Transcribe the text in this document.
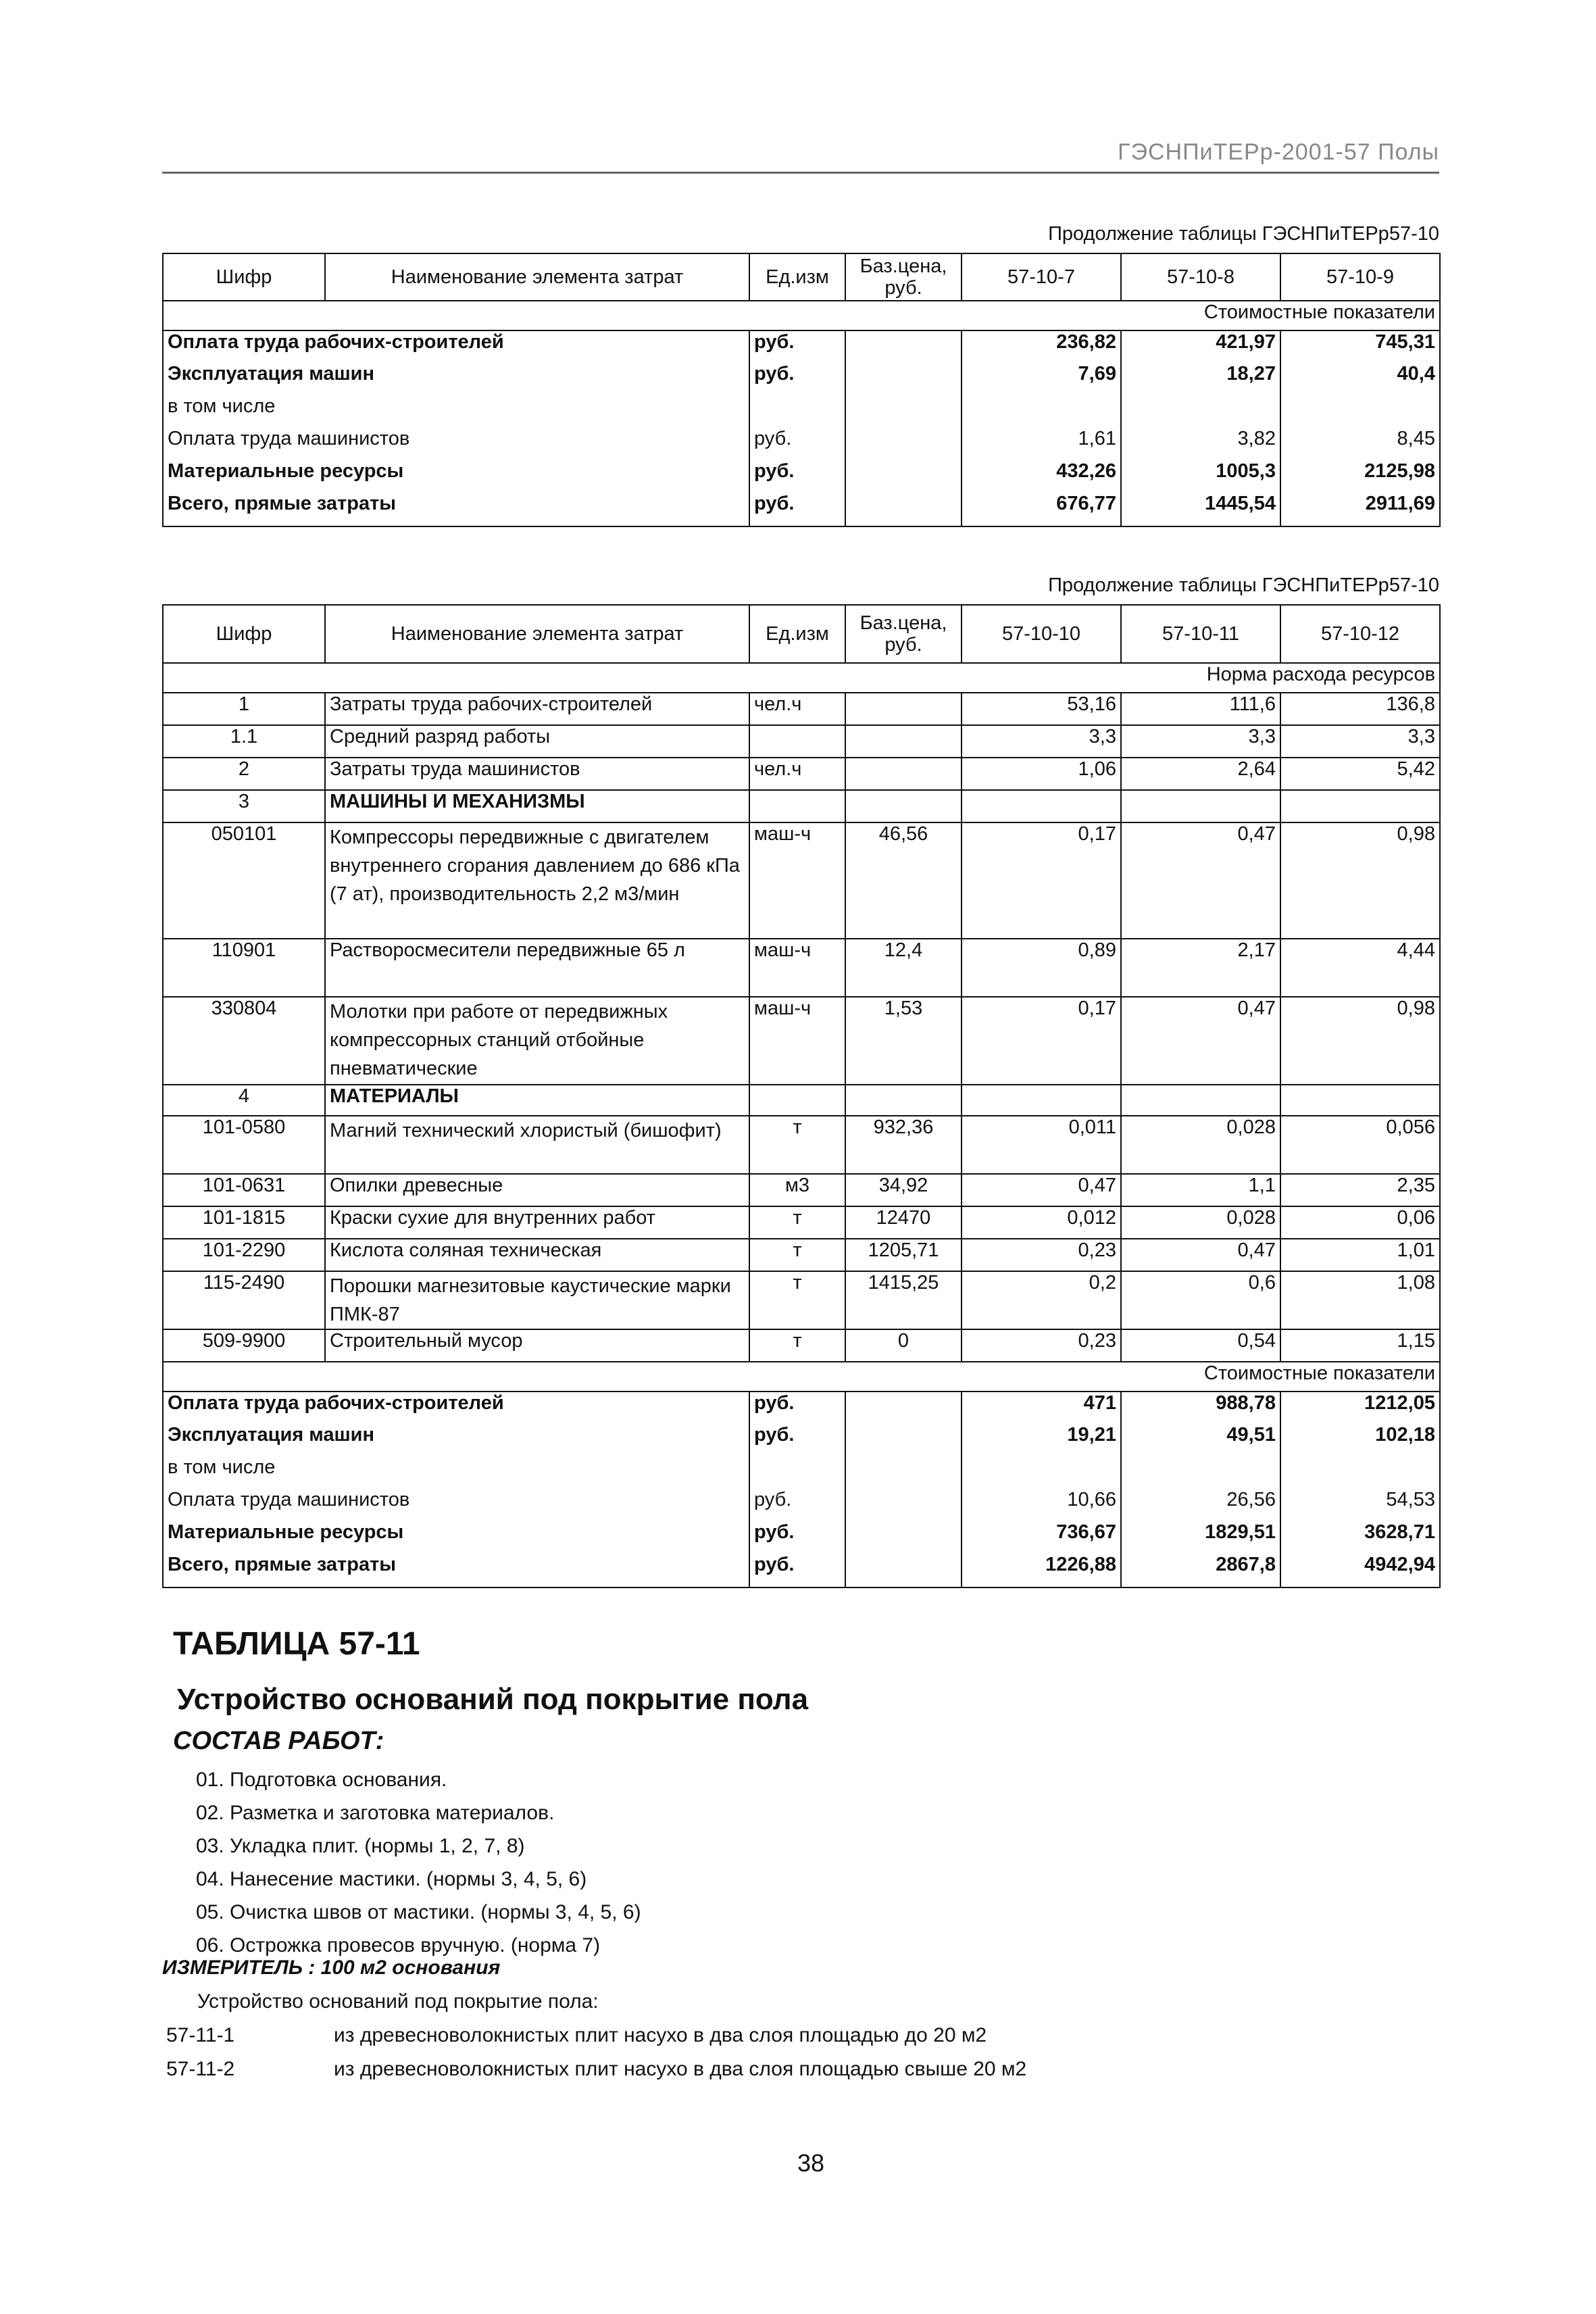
ГЭСНПиТЕРр-2001-57 Полы
Продолжение таблицы ГЭСНПиТЕРр57-10
Шифр	Наименование элемента затрат	Ед.изм	Баз.цена, руб.	57-10-7	57-10-8	57-10-9
Стоимостные показатели						
Оплата труда рабочих-строителей		руб.		236,82	421,97	745,31
Эксплуатация машин		руб.		7,69	18,27	40,4
в том числе						
Оплата труда машинистов		руб.		1,61	3,82	8,45
Материальные ресурсы		руб.		432,26	1005,3	2125,98
Всего, прямые затраты		руб.		676,77	1445,54	2911,69
Продолжение таблицы ГЭСНПиТЕРр57-10
Шифр	Наименование элемента затрат	Ед.изм	Баз.цена, руб.	57-10-10	57-10-11	57-10-12
Норма расхода ресурсов						
1	Затраты труда рабочих-строителей	чел.ч		53,16	111,6	136,8
1.1	Средний разряд работы			3,3	3,3	3,3
2	Затраты труда машинистов	чел.ч		1,06	2,64	5,42
3	МАШИНЫ И МЕХАНИЗМЫ					
050101	Компрессоры передвижные с двигателем внутреннего сгорания давлением до 686 кПа (7 ат), производительность 2,2 м3/мин	маш-ч	46,56	0,17	0,47	0,98
110901	Растворосмесители передвижные 65 л	маш-ч	12,4	0,89	2,17	4,44
330804	Молотки при работе от передвижных компрессорных станций отбойные пневматические	маш-ч	1,53	0,17	0,47	0,98
4	МАТЕРИАЛЫ					
101-0580	Магний технический хлористый (бишофит)	т	932,36	0,011	0,028	0,056
101-0631	Опилки древесные	м3	34,92	0,47	1,1	2,35
101-1815	Краски сухие для внутренних работ	т	12470	0,012	0,028	0,06
101-2290	Кислота соляная техническая	т	1205,71	0,23	0,47	1,01
115-2490	Порошки магнезитовые каустические марки ПМК-87	т	1415,25	0,2	0,6	1,08
509-9900	Строительный мусор	т	0	0,23	0,54	1,15
Стоимостные показатели						
Оплата труда рабочих-строителей		руб.		471	988,78	1212,05
Эксплуатация машин		руб.		19,21	49,51	102,18
в том числе						
Оплата труда машинистов		руб.		10,66	26,56	54,53
Материальные ресурсы		руб.		736,67	1829,51	3628,71
Всего, прямые затраты		руб.		1226,88	2867,8	4942,94
ТАБЛИЦА 57-11
Устройство оснований под покрытие пола
СОСТАВ РАБОТ:
01. Подготовка основания.
02. Разметка и заготовка материалов.
03. Укладка плит. (нормы 1, 2, 7, 8)
04. Нанесение мастики. (нормы 3, 4, 5, 6)
05. Очистка швов от мастики. (нормы 3, 4, 5, 6)
06. Острожка провесов вручную. (норма 7)
ИЗМЕРИТЕЛЬ : 100 м2 основания
Устройство оснований под покрытие пола:
57-11-1	из древесноволокнистых плит насухо в два слоя площадью до 20 м2
57-11-2	из древесноволокнистых плит насухо в два слоя площадью свыше 20 м2
38
